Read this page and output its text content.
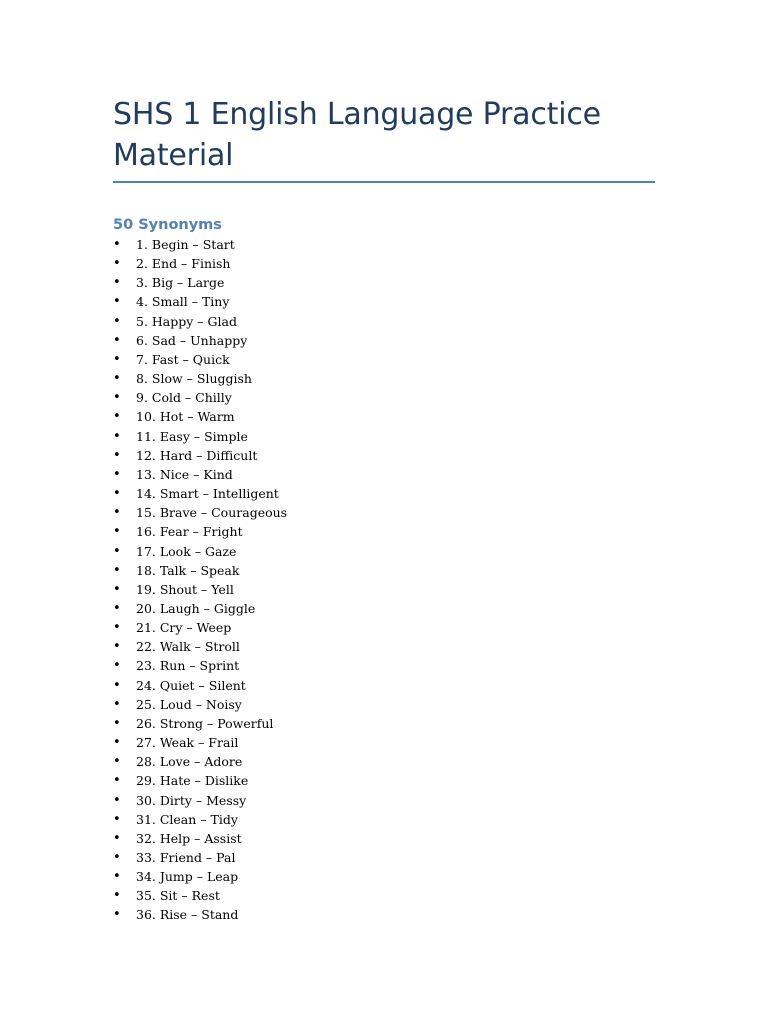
SHS 1 English Language Practice Material
50 Synonyms
• 1. Begin – Start
• 2. End – Finish
• 3. Big – Large
• 4. Small – Tiny
• 5. Happy – Glad
• 6. Sad – Unhappy
• 7. Fast – Quick
• 8. Slow – Sluggish
• 9. Cold – Chilly
• 10. Hot – Warm
• 11. Easy – Simple
• 12. Hard – Difficult
• 13. Nice – Kind
• 14. Smart – Intelligent
• 15. Brave – Courageous
• 16. Fear – Fright
• 17. Look – Gaze
• 18. Talk – Speak
• 19. Shout – Yell
• 20. Laugh – Giggle
• 21. Cry – Weep
• 22. Walk – Stroll
• 23. Run – Sprint
• 24. Quiet – Silent
• 25. Loud – Noisy
• 26. Strong – Powerful
• 27. Weak – Frail
• 28. Love – Adore
• 29. Hate – Dislike
• 30. Dirty – Messy
• 31. Clean – Tidy
• 32. Help – Assist
• 33. Friend – Pal
• 34. Jump – Leap
• 35. Sit – Rest
• 36. Rise – Stand
